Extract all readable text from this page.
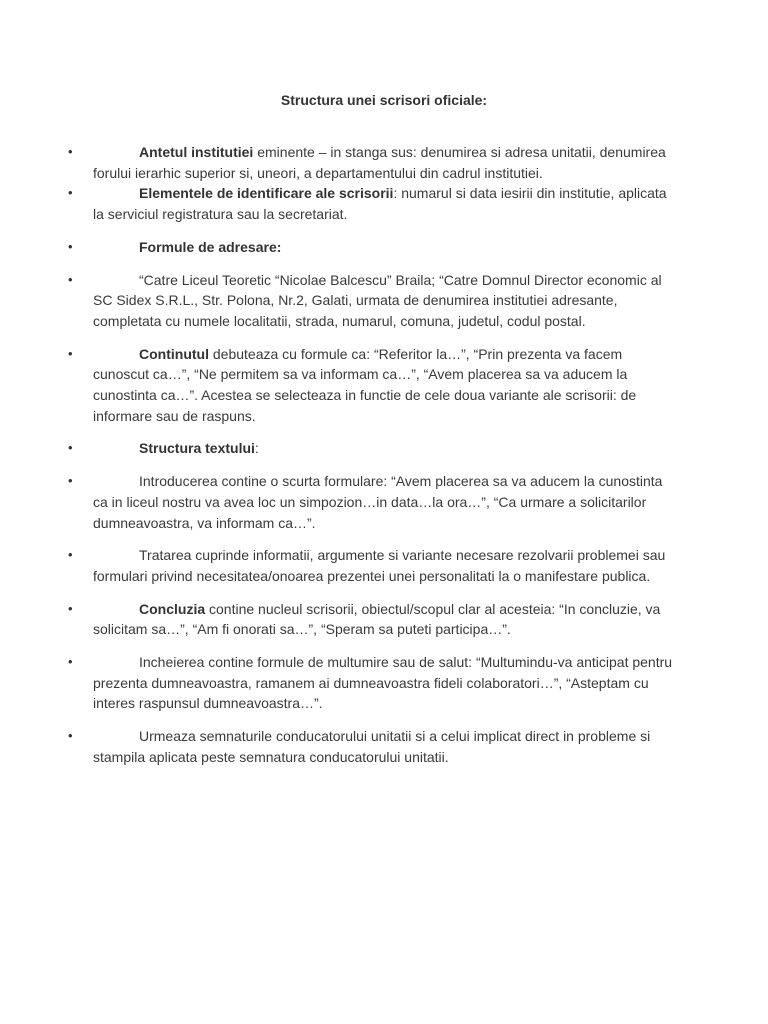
Structura unei scrisori oficiale:
•	Antetul institutiei eminente – in stanga sus: denumirea si adresa unitatii, denumirea forului ierarhic superior si, uneori, a departamentului din cadrul institutiei.
•	Elementele de identificare ale scrisorii: numarul si data iesirii din institutie, aplicata la serviciul registratura sau la secretariat.
•	Formule de adresare:
•	“Catre Liceul Teoretic “Nicolae Balcescu” Braila; “Catre Domnul Director economic al SC Sidex S.R.L., Str. Polona, Nr.2, Galati, urmata de denumirea institutiei adresante, completata cu numele localitatii, strada, numarul, comuna, judetul, codul postal.
•	Continutul debuteaza cu formule ca: “Referitor la…”, “Prin prezenta va facem cunoscut ca…”, “Ne permitem sa va informam ca…”, “Avem placerea sa va aducem la cunostinta ca…”. Acestea se selecteaza in functie de cele doua variante ale scrisorii: de informare sau de raspuns.
•	Structura textului:
•	Introducerea contine o scurta formulare: “Avem placerea sa va aducem la cunostinta ca in liceul nostru va avea loc un simpozion…in data…la ora…”, “Ca urmare a solicitarilor dumneavoastra, va informam ca…”.
•	Tratarea cuprinde informatii, argumente si variante necesare rezolvarii problemei sau formulari privind necesitatea/onoarea prezentei unei personalitati la o manifestare publica.
•	Concluzia contine nucleul scrisorii, obiectul/scopul clar al acesteia: “In concluzie, va solicitam sa…”, “Am fi onorati sa…”, “Speram sa puteti participa…”.
•	Incheierea contine formule de multumire sau de salut: “Multumindu-va anticipat pentru prezenta dumneavoastra, ramanem ai dumneavoastra fideli colaboratori…”, “Asteptam cu interes raspunsul dumneavoastra…”.
•	Urmeaza semnaturile conducatorului unitatii si a celui implicat direct in probleme si stampila aplicata peste semnatura conducatorului unitatii.
